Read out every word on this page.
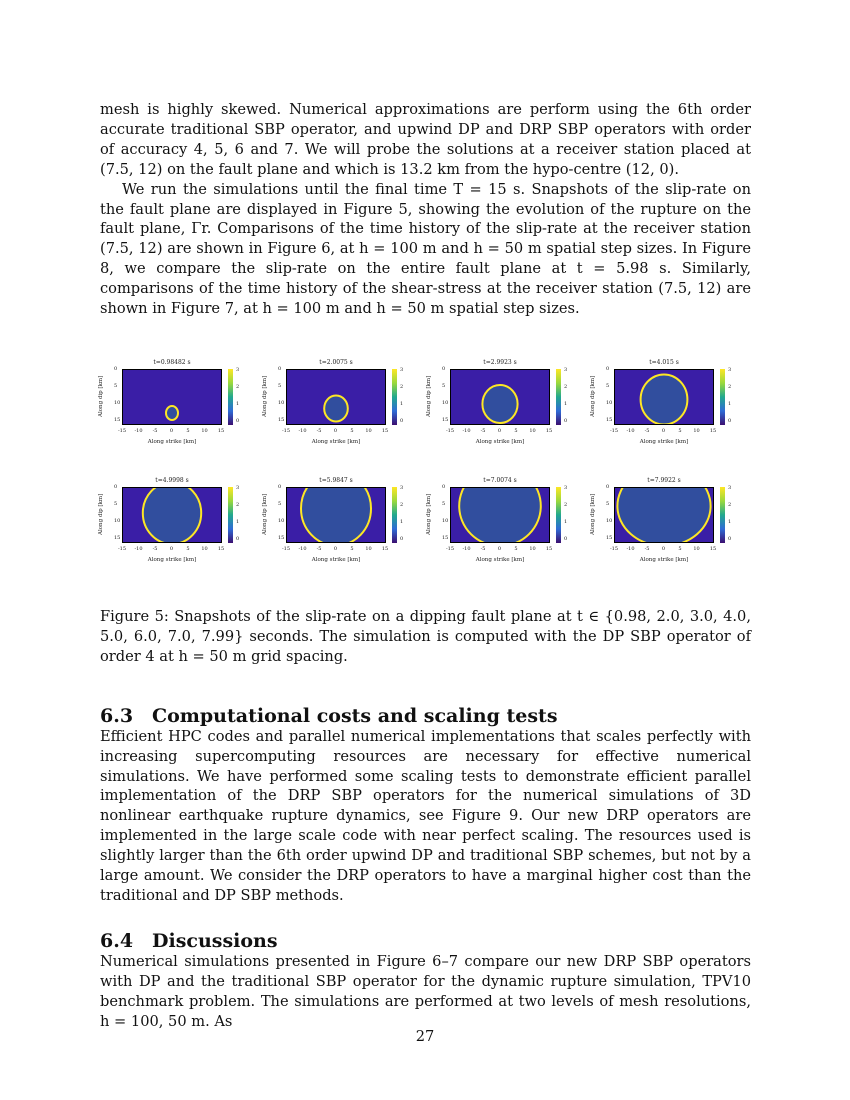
mesh is highly skewed. Numerical approximations are perform using the 6th order accurate traditional SBP operator, and upwind DP and DRP SBP operators with order of accuracy 4, 5, 6 and 7. We will probe the solutions at a receiver station placed at (7.5, 12) on the fault plane and which is 13.2 km from the hypo-centre (12, 0).

We run the simulations until the final time T = 15 s. Snapshots of the slip-rate on the fault plane are displayed in Figure 5, showing the evolution of the rupture on the fault plane, Γr. Comparisons of the time history of the slip-rate at the receiver station (7.5, 12) are shown in Figure 6, at h = 100 m and h = 50 m spatial step sizes. In Figure 8, we compare the slip-rate on the entire fault plane at t = 5.98 s. Similarly, comparisons of the time history of the shear-stress at the receiver station (7.5, 12) are shown in Figure 7, at h = 100 m and h = 50 m spatial step sizes.

t=0.98482 s
Along dip [km]
0
5
10
15
3
2
1
0
-15	-10	-5	0	5	10	15
Along strike [km]
t=2.0075 s
Along dip [km]
0
5
10
15
3
2
1
0
-15	-10	-5	0	5	10	15
Along strike [km]
t=2.9923 s
Along dip [km]
0
5
10
15
3
2
1
0
-15	-10	-5	0	5	10	15
Along strike [km]
t=4.015 s
Along dip [km]
0
5
10
15
3
2
1
0
-15	-10	-5	0	5	10	15
Along strike [km]
t=4.9998 s
Along dip [km]
0
5
10
15
3
2
1
0
-15	-10	-5	0	5	10	15
Along strike [km]
t=5.9847 s
Along dip [km]
0
5
10
15
3
2
1
0
-15	-10	-5	0	5	10	15
Along strike [km]
t=7.0074 s
Along dip [km]
0
5
10
15
3
2
1
0
-15	-10	-5	0	5	10	15
Along strike [km]
t=7.9922 s
Along dip [km]
0
5
10
15
3
2
1
0
-15	-10	-5	0	5	10	15
Along strike [km]

Figure 5: Snapshots of the slip-rate on a dipping fault plane at t ∈ {0.98, 2.0, 3.0, 4.0, 5.0, 6.0, 7.0, 7.99} seconds. The simulation is computed with the DP SBP operator of order 4 at h = 50 m grid spacing.

6.3 Computational costs and scaling tests

Efficient HPC codes and parallel numerical implementations that scales perfectly with increasing supercomputing resources are necessary for effective numerical simulations. We have performed some scaling tests to demonstrate efficient parallel implementation of the DRP SBP operators for the numerical simulations of 3D nonlinear earthquake rupture dynamics, see Figure 9. Our new DRP operators are implemented in the large scale code with near perfect scaling. The resources used is slightly larger than the 6th order upwind DP and traditional SBP schemes, but not by a large amount. We consider the DRP operators to have a marginal higher cost than the traditional and DP SBP methods.

6.4 Discussions

Numerical simulations presented in Figure 6–7 compare our new DRP SBP operators with DP and the traditional SBP operator for the dynamic rupture simulation, TPV10 benchmark problem. The simulations are performed at two levels of mesh resolutions, h = 100, 50 m. As

27
